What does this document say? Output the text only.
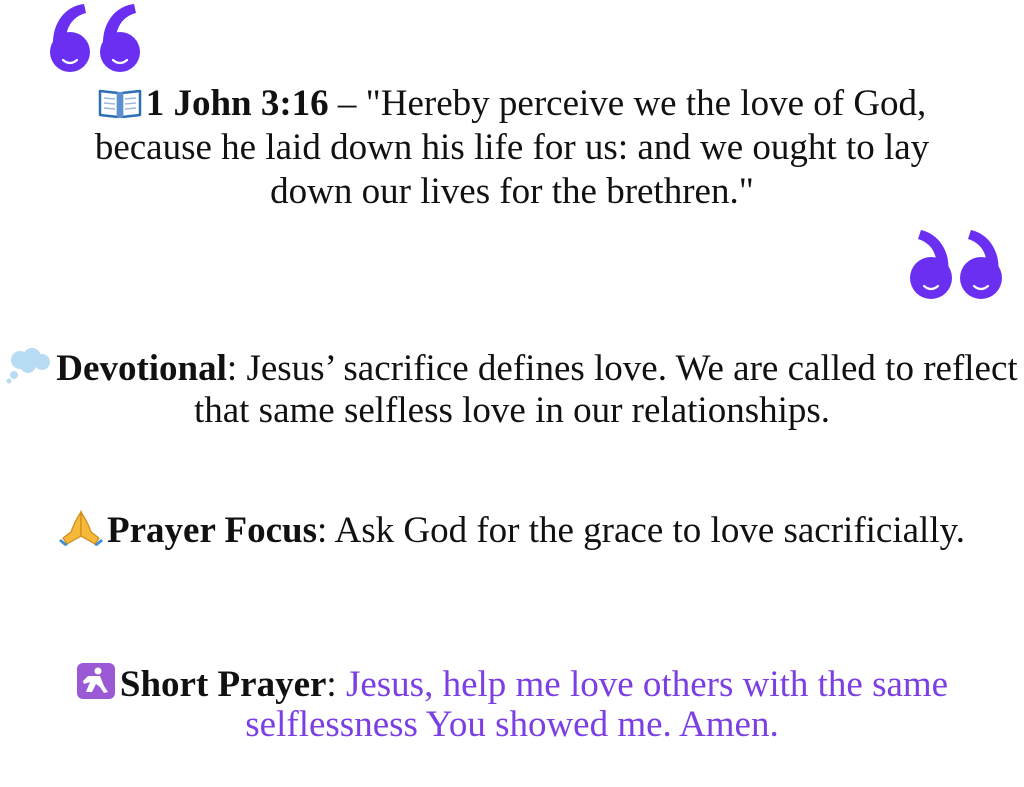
1 John 3:16 – "Hereby perceive we the love of God, because he laid down his life for us: and we ought to lay down our lives for the brethren."
Devotional: Jesus’ sacrifice defines love. We are called to reflect that same selfless love in our relationships.
Prayer Focus: Ask God for the grace to love sacrificially.
Short Prayer: Jesus, help me love others with the same selflessness You showed me. Amen.
